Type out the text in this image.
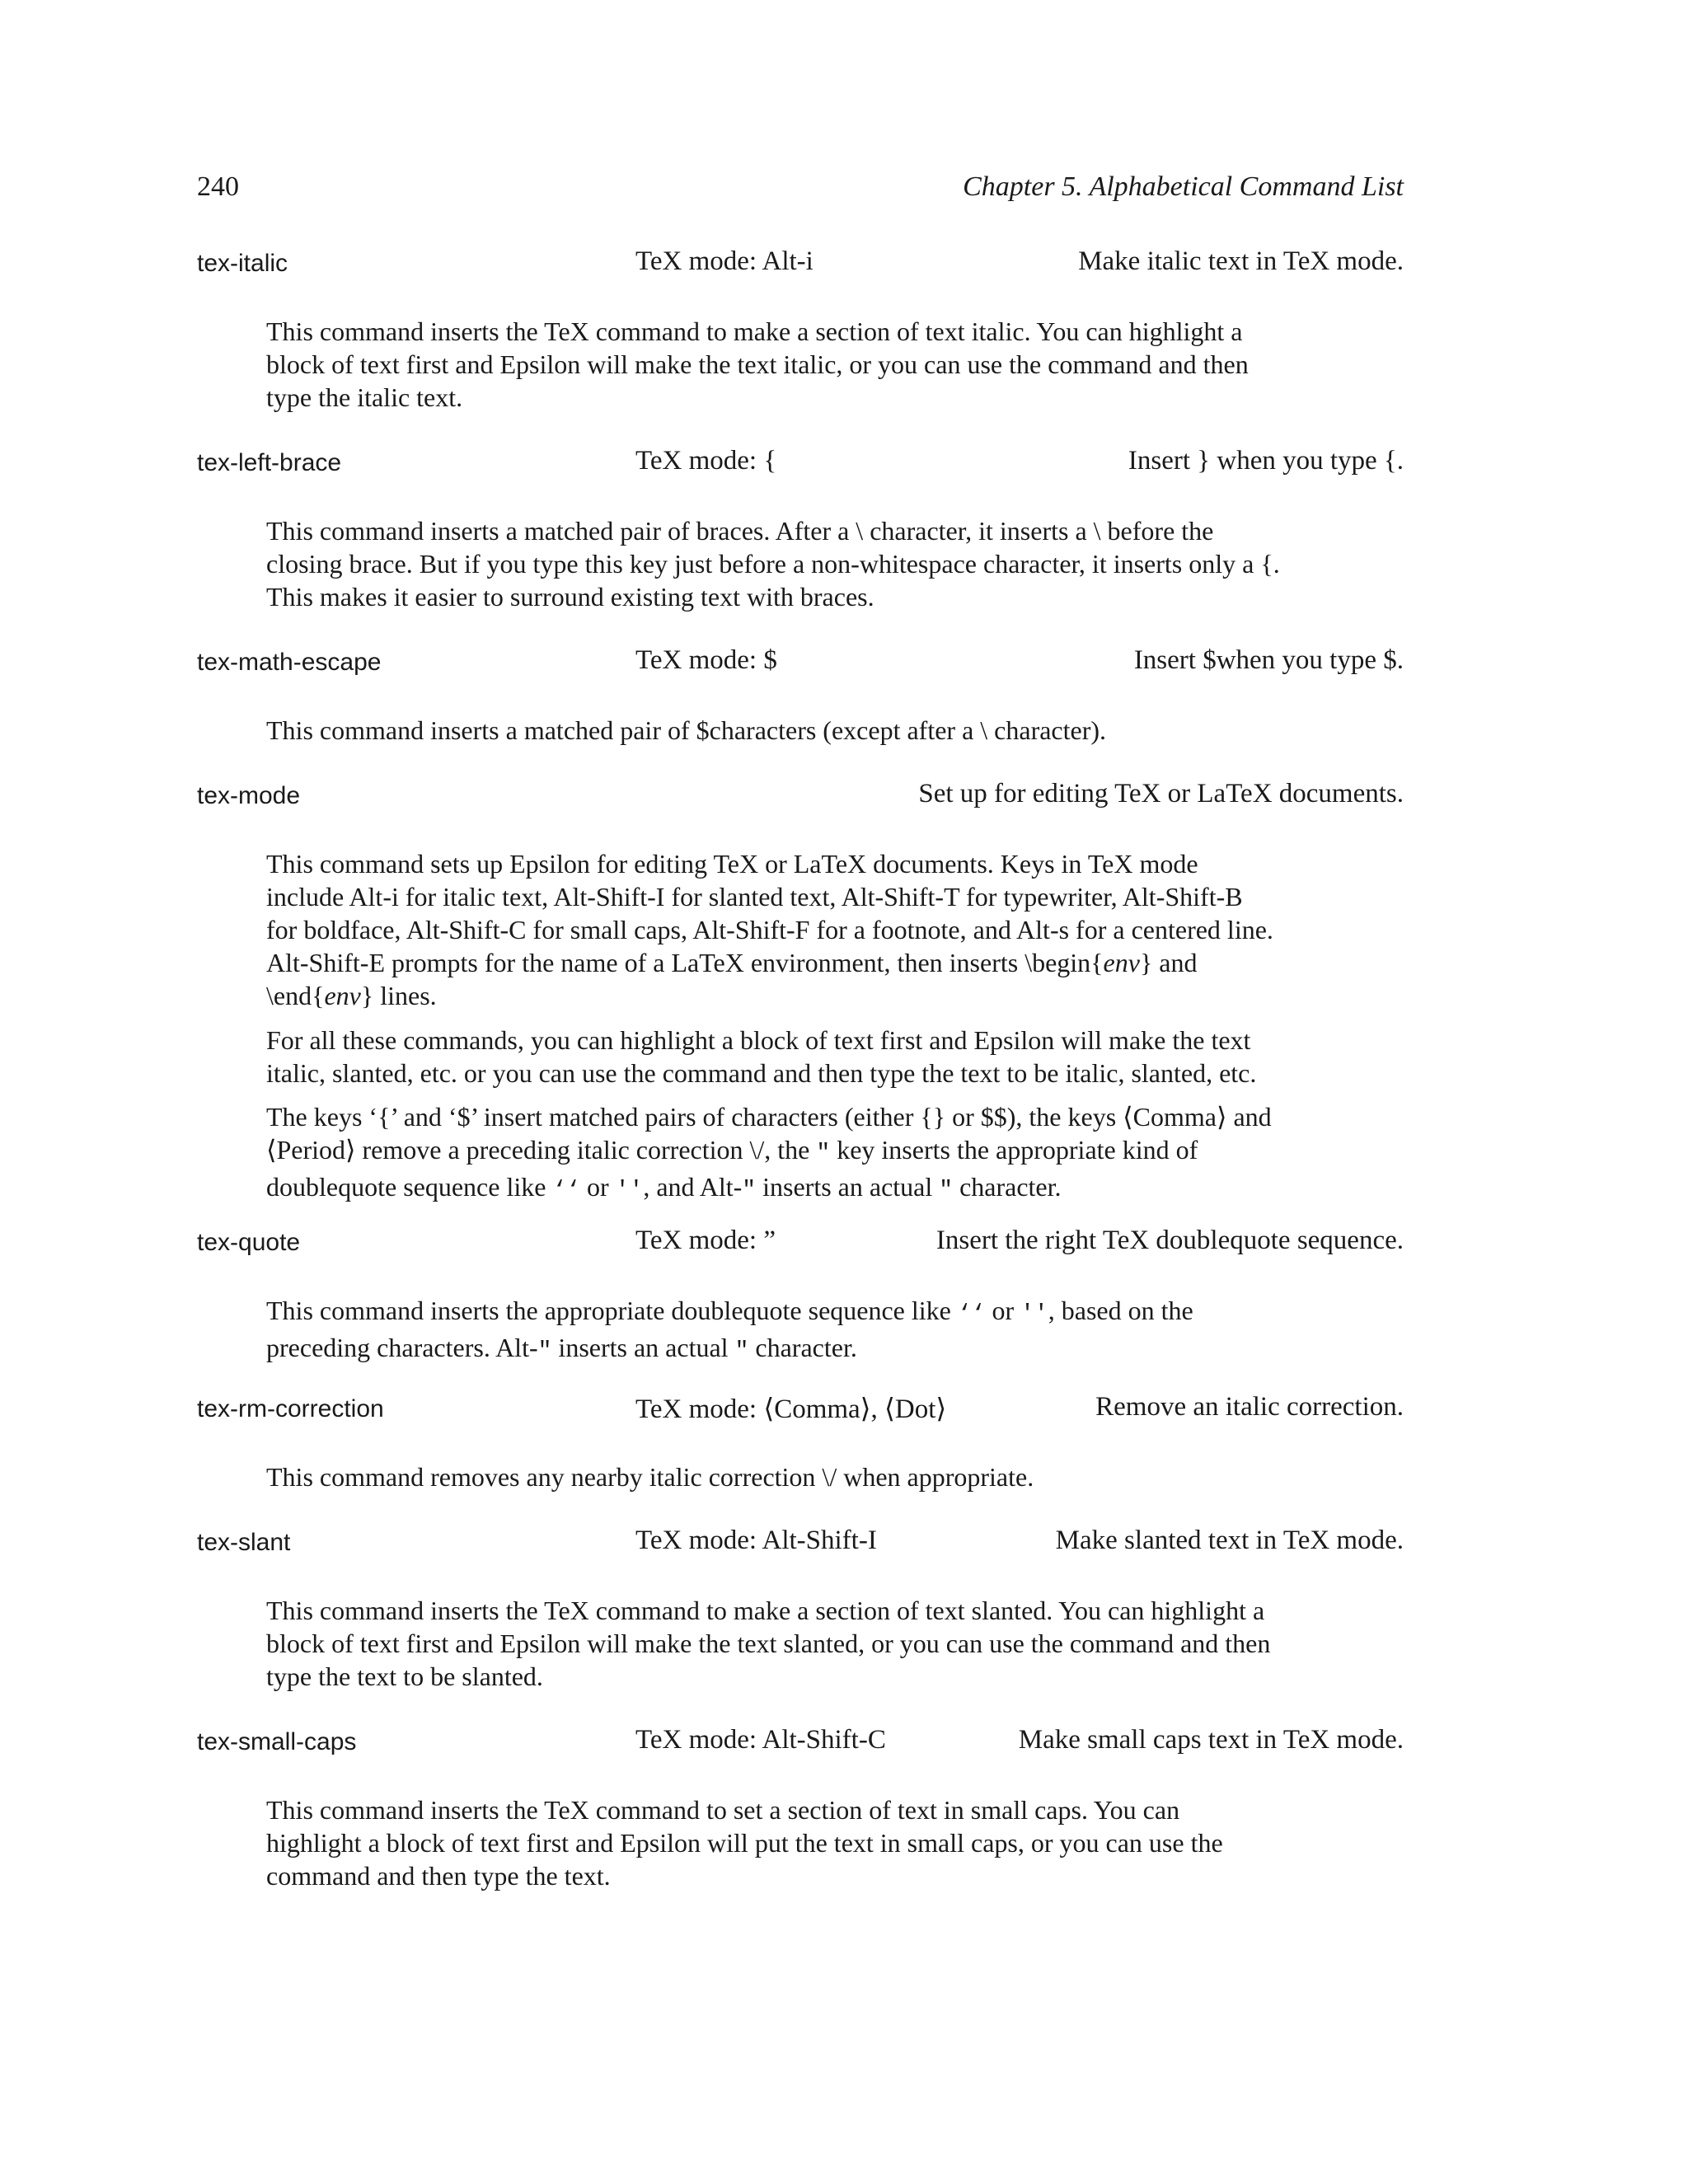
240	Chapter 5. Alphabetical Command List
tex-italic	TeX mode: Alt-i	Make italic text in TeX mode.

This command inserts the TeX command to make a section of text italic. You can highlight a
block of text first and Epsilon will make the text italic, or you can use the command and then
type the italic text.

tex-left-brace	TeX mode: {	Insert } when you type {.

This command inserts a matched pair of braces. After a \ character, it inserts a \ before the
closing brace. But if you type this key just before a non-whitespace character, it inserts only a {.
This makes it easier to surround existing text with braces.

tex-math-escape	TeX mode: $	Insert $when you type $.

This command inserts a matched pair of $characters (except after a \ character).

tex-mode	Set up for editing TeX or LaTeX documents.

This command sets up Epsilon for editing TeX or LaTeX documents. Keys in TeX mode
include Alt-i for italic text, Alt-Shift-I for slanted text, Alt-Shift-T for typewriter, Alt-Shift-B
for boldface, Alt-Shift-C for small caps, Alt-Shift-F for a footnote, and Alt-s for a centered line.
Alt-Shift-E prompts for the name of a LaTeX environment, then inserts \begin{env} and
\end{env} lines.

For all these commands, you can highlight a block of text first and Epsilon will make the text
italic, slanted, etc. or you can use the command and then type the text to be italic, slanted, etc.

The keys ‘{’ and ‘$’ insert matched pairs of characters (either {} or $$), the keys ⟨Comma⟩ and
⟨Period⟩ remove a preceding italic correction \/, the " key inserts the appropriate kind of
doublequote sequence like ‘‘ or '', and Alt-" inserts an actual " character.

tex-quote	TeX mode: ”	Insert the right TeX doublequote sequence.

This command inserts the appropriate doublequote sequence like ‘‘ or '', based on the
preceding characters. Alt-" inserts an actual " character.

tex-rm-correction	TeX mode: ⟨Comma⟩, ⟨Dot⟩	Remove an italic correction.

This command removes any nearby italic correction \/ when appropriate.

tex-slant	TeX mode: Alt-Shift-I	Make slanted text in TeX mode.

This command inserts the TeX command to make a section of text slanted. You can highlight a
block of text first and Epsilon will make the text slanted, or you can use the command and then
type the text to be slanted.

tex-small-caps	TeX mode: Alt-Shift-C	Make small caps text in TeX mode.

This command inserts the TeX command to set a section of text in small caps. You can
highlight a block of text first and Epsilon will put the text in small caps, or you can use the
command and then type the text.
